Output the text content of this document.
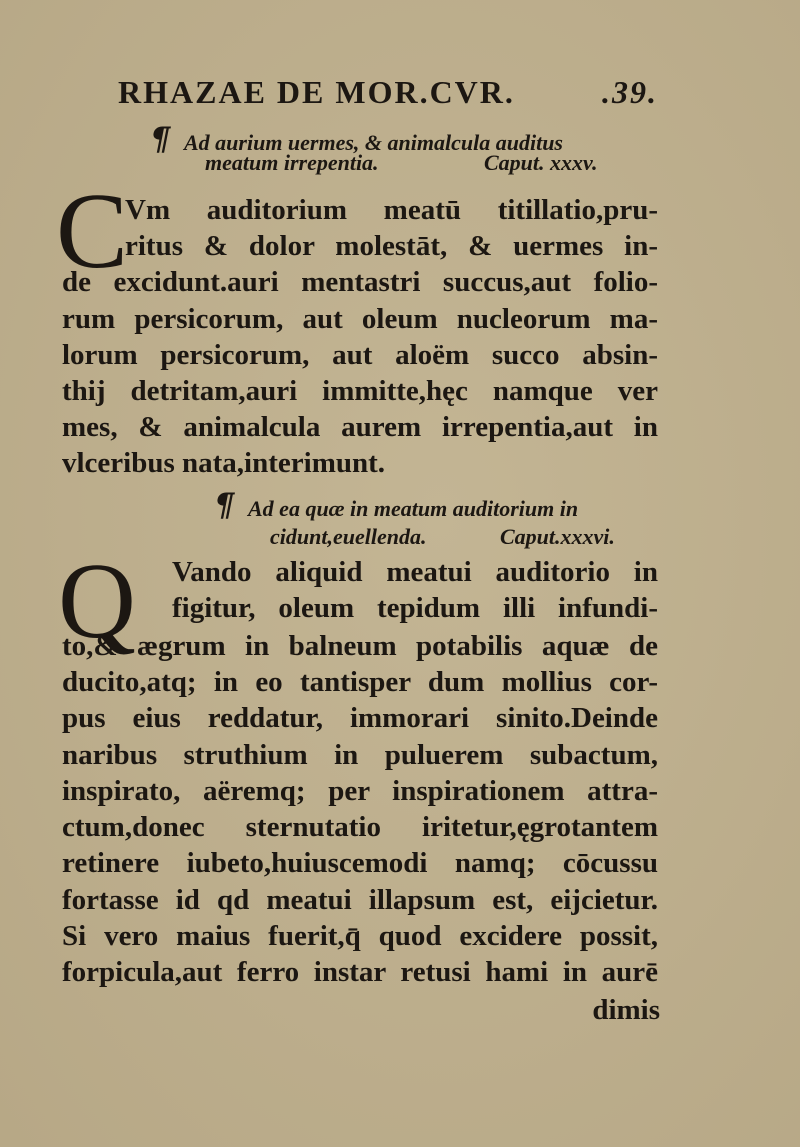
RHAZAE DE MOR.CVR.	.39.
¶ Ad aurium uermes, & animalcula auditus
meatum irrepentia.	Caput. xxxv.
C
Vm auditorium meatū titillatio,pru-
ritus & dolor molestāt, & uermes in-
de excidunt.auri mentastri succus,aut folio-
rum persicorum, aut oleum nucleorum ma-
lorum persicorum, aut aloëm succo absin-
thij detritam,auri immitte,hęc namque ver
mes, & animalcula aurem irrepentia,aut in
vlceribus nata,interimunt.
¶ Ad ea quæ in meatum auditorium in
cidunt,euellenda.	Caput.xxxvi.
Q Vando aliquid meatui auditorio in
figitur, oleum tepidum illi infundi-
to,& ægrum in balneum potabilis aquæ de
ducito,atq; in eo tantisper dum mollius cor-
pus eius reddatur, immorari sinito.Deinde
naribus struthium in puluerem subactum,
inspirato, aëremq; per inspirationem attra-
ctum,donec sternutatio iritetur,ęgrotantem
retinere iubeto,huiuscemodi namq; cōcussu
fortasse id qd meatui illapsum est, eijcietur.
Si vero maius fuerit,q̄ quod excidere possit,
forpicula,aut ferro instar retusi hami in aurē
dimis
